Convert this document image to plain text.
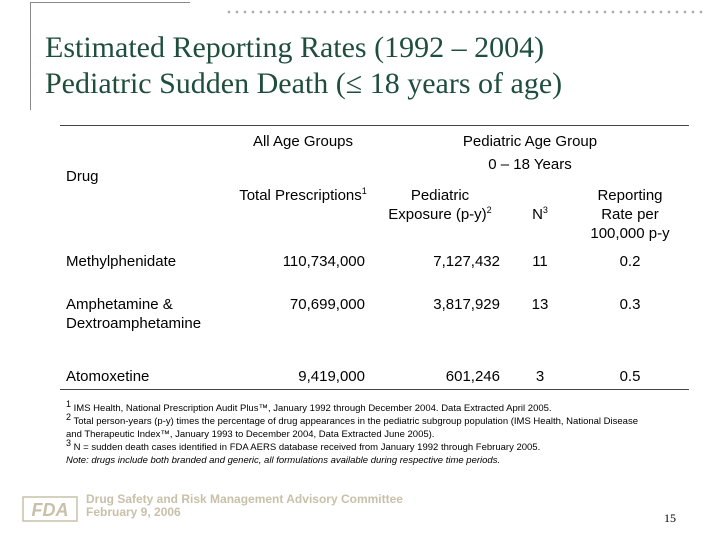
Estimated Reporting Rates (1992 – 2004)
Pediatric Sudden Death (≤ 18 years of age)
All Age Groups	Pediatric Age Group
0 – 18 Years
Drug
Total Prescriptions$^1$	Pediatric
Exposure $(p-y)^2$	$N^3$
Reporting
Rate per
100,000 p-y
Methylphenidate	110,734,000	7,127,432	11	0.2
Amphetamine &
Dextroamphetamine
70,699,000	3,817,929	13	0.3
Atomoxetine	9,419,000	601,246	3	0.5
$^1$ IMS Health, National Prescription Audit Plus™, January 1992 through December 2004. Data Extracted April 2005.
$^2$ Total person-years (p-y) times the percentage of drug appearances in the pediatric subgroup population (IMS Health, National Disease
and Therapeutic Index™, January 1993 to December 2004, Data Extracted June 2005).
$^3$ N = sudden death cases identified in FDA AERS database received from January 1992 through February 2005.
Note: drugs include both branded and generic, all formulations available during respective time periods.
FDA
Drug Safety and Risk Management Advisory Committee
February 9, 2006	15
